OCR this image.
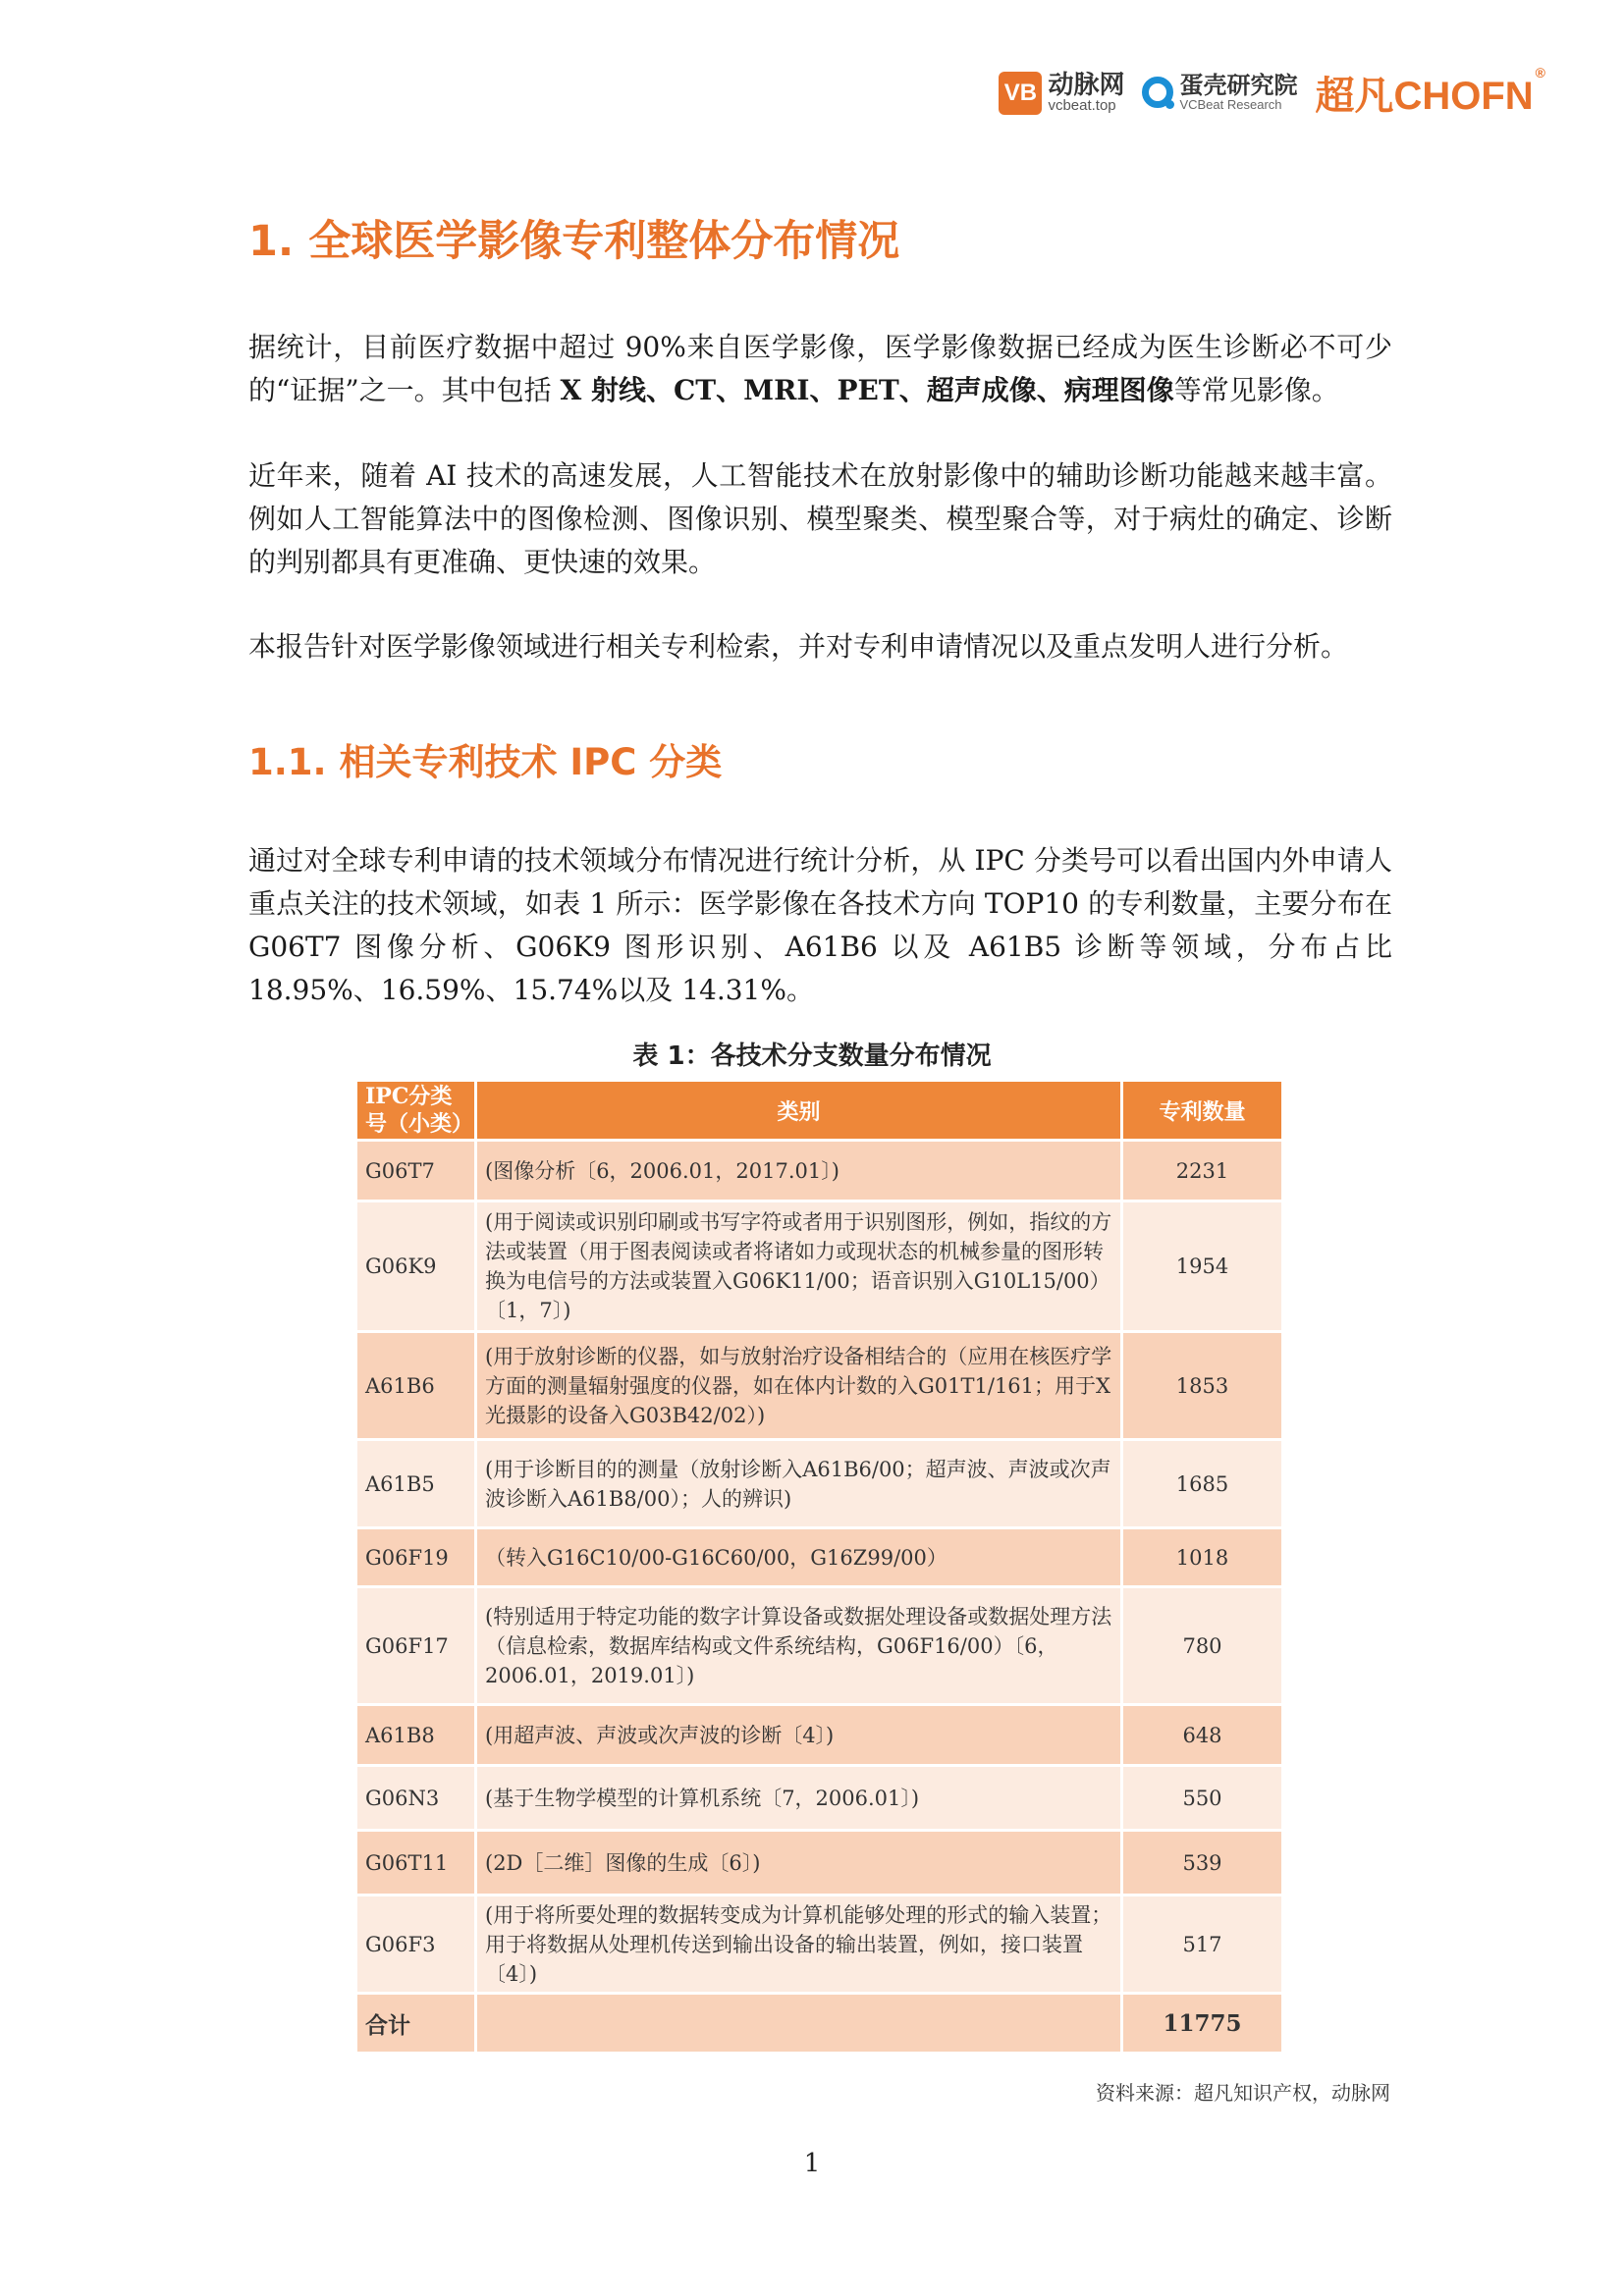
VB 动脉网
vcbeat.top
蛋壳研究院
VCBeat Research 超凡CHOFN
®
1. 全球医学影像专利整体分布情况

据统计，目前医疗数据中超过 90%来自医学影像，医学影像数据已经成为医生诊断必不可少的“证据”之一。其中包括 X 射线、CT、MRI、PET、超声成像、病理图像等常见影像。

近年来，随着 AI 技术的高速发展，人工智能技术在放射影像中的辅助诊断功能越来越丰富。例如人工智能算法中的图像检测、图像识别、模型聚类、模型聚合等，对于病灶的确定、诊断的判别都具有更准确、更快速的效果。

本报告针对医学影像领域进行相关专利检索，并对专利申请情况以及重点发明人进行分析。

1.1. 相关专利技术 IPC 分类

通过对全球专利申请的技术领域分布情况进行统计分析，从 IPC 分类号可以看出国内外申请人重点关注的技术领域，如表 1 所示：医学影像在各技术方向 TOP10 的专利数量，主要分布在 G06T7 图像分析、G06K9 图形识别、A61B6 以及 A61B5 诊断等领域，分布占比 18.95%、16.59%、15.74%以及 14.31%。

表 1：各技术分支数量分布情况
IPC分类号（小类）	类别	专利数量
G06T7	(图像分析〔6，2006.01，2017.01〕)	2231
G06K9	(用于阅读或识别印刷或书写字符或者用于识别图形，例如，指纹的方法或装置（用于图表阅读或者将诸如力或现状态的机械参量的图形转换为电信号的方法或装置入G06K11/00；语音识别入G10L15/00）〔1，7〕)	1954
A61B6	(用于放射诊断的仪器，如与放射治疗设备相结合的（应用在核医疗学方面的测量辐射强度的仪器，如在体内计数的入G01T1/161；用于X光摄影的设备入G03B42/02）)	1853
A61B5	(用于诊断目的的测量（放射诊断入A61B6/00；超声波、声波或次声波诊断入A61B8/00）；人的辨识)	1685
G06F19	（转入G16C10/00-G16C60/00，G16Z99/00）	1018
G06F17	(特别适用于特定功能的数字计算设备或数据处理设备或数据处理方法（信息检索，数据库结构或文件系统结构，G06F16/00）〔6，2006.01，2019.01〕)	780
A61B8	(用超声波、声波或次声波的诊断〔4〕)	648
G06N3	(基于生物学模型的计算机系统〔7，2006.01〕)	550
G06T11	(2D［二维］图像的生成〔6〕)	539
G06F3	(用于将所要处理的数据转变成为计算机能够处理的形式的输入装置；用于将数据从处理机传送到输出设备的输出装置，例如，接口装置〔4〕)	517
合计		11775
资料来源：超凡知识产权，动脉网
1
